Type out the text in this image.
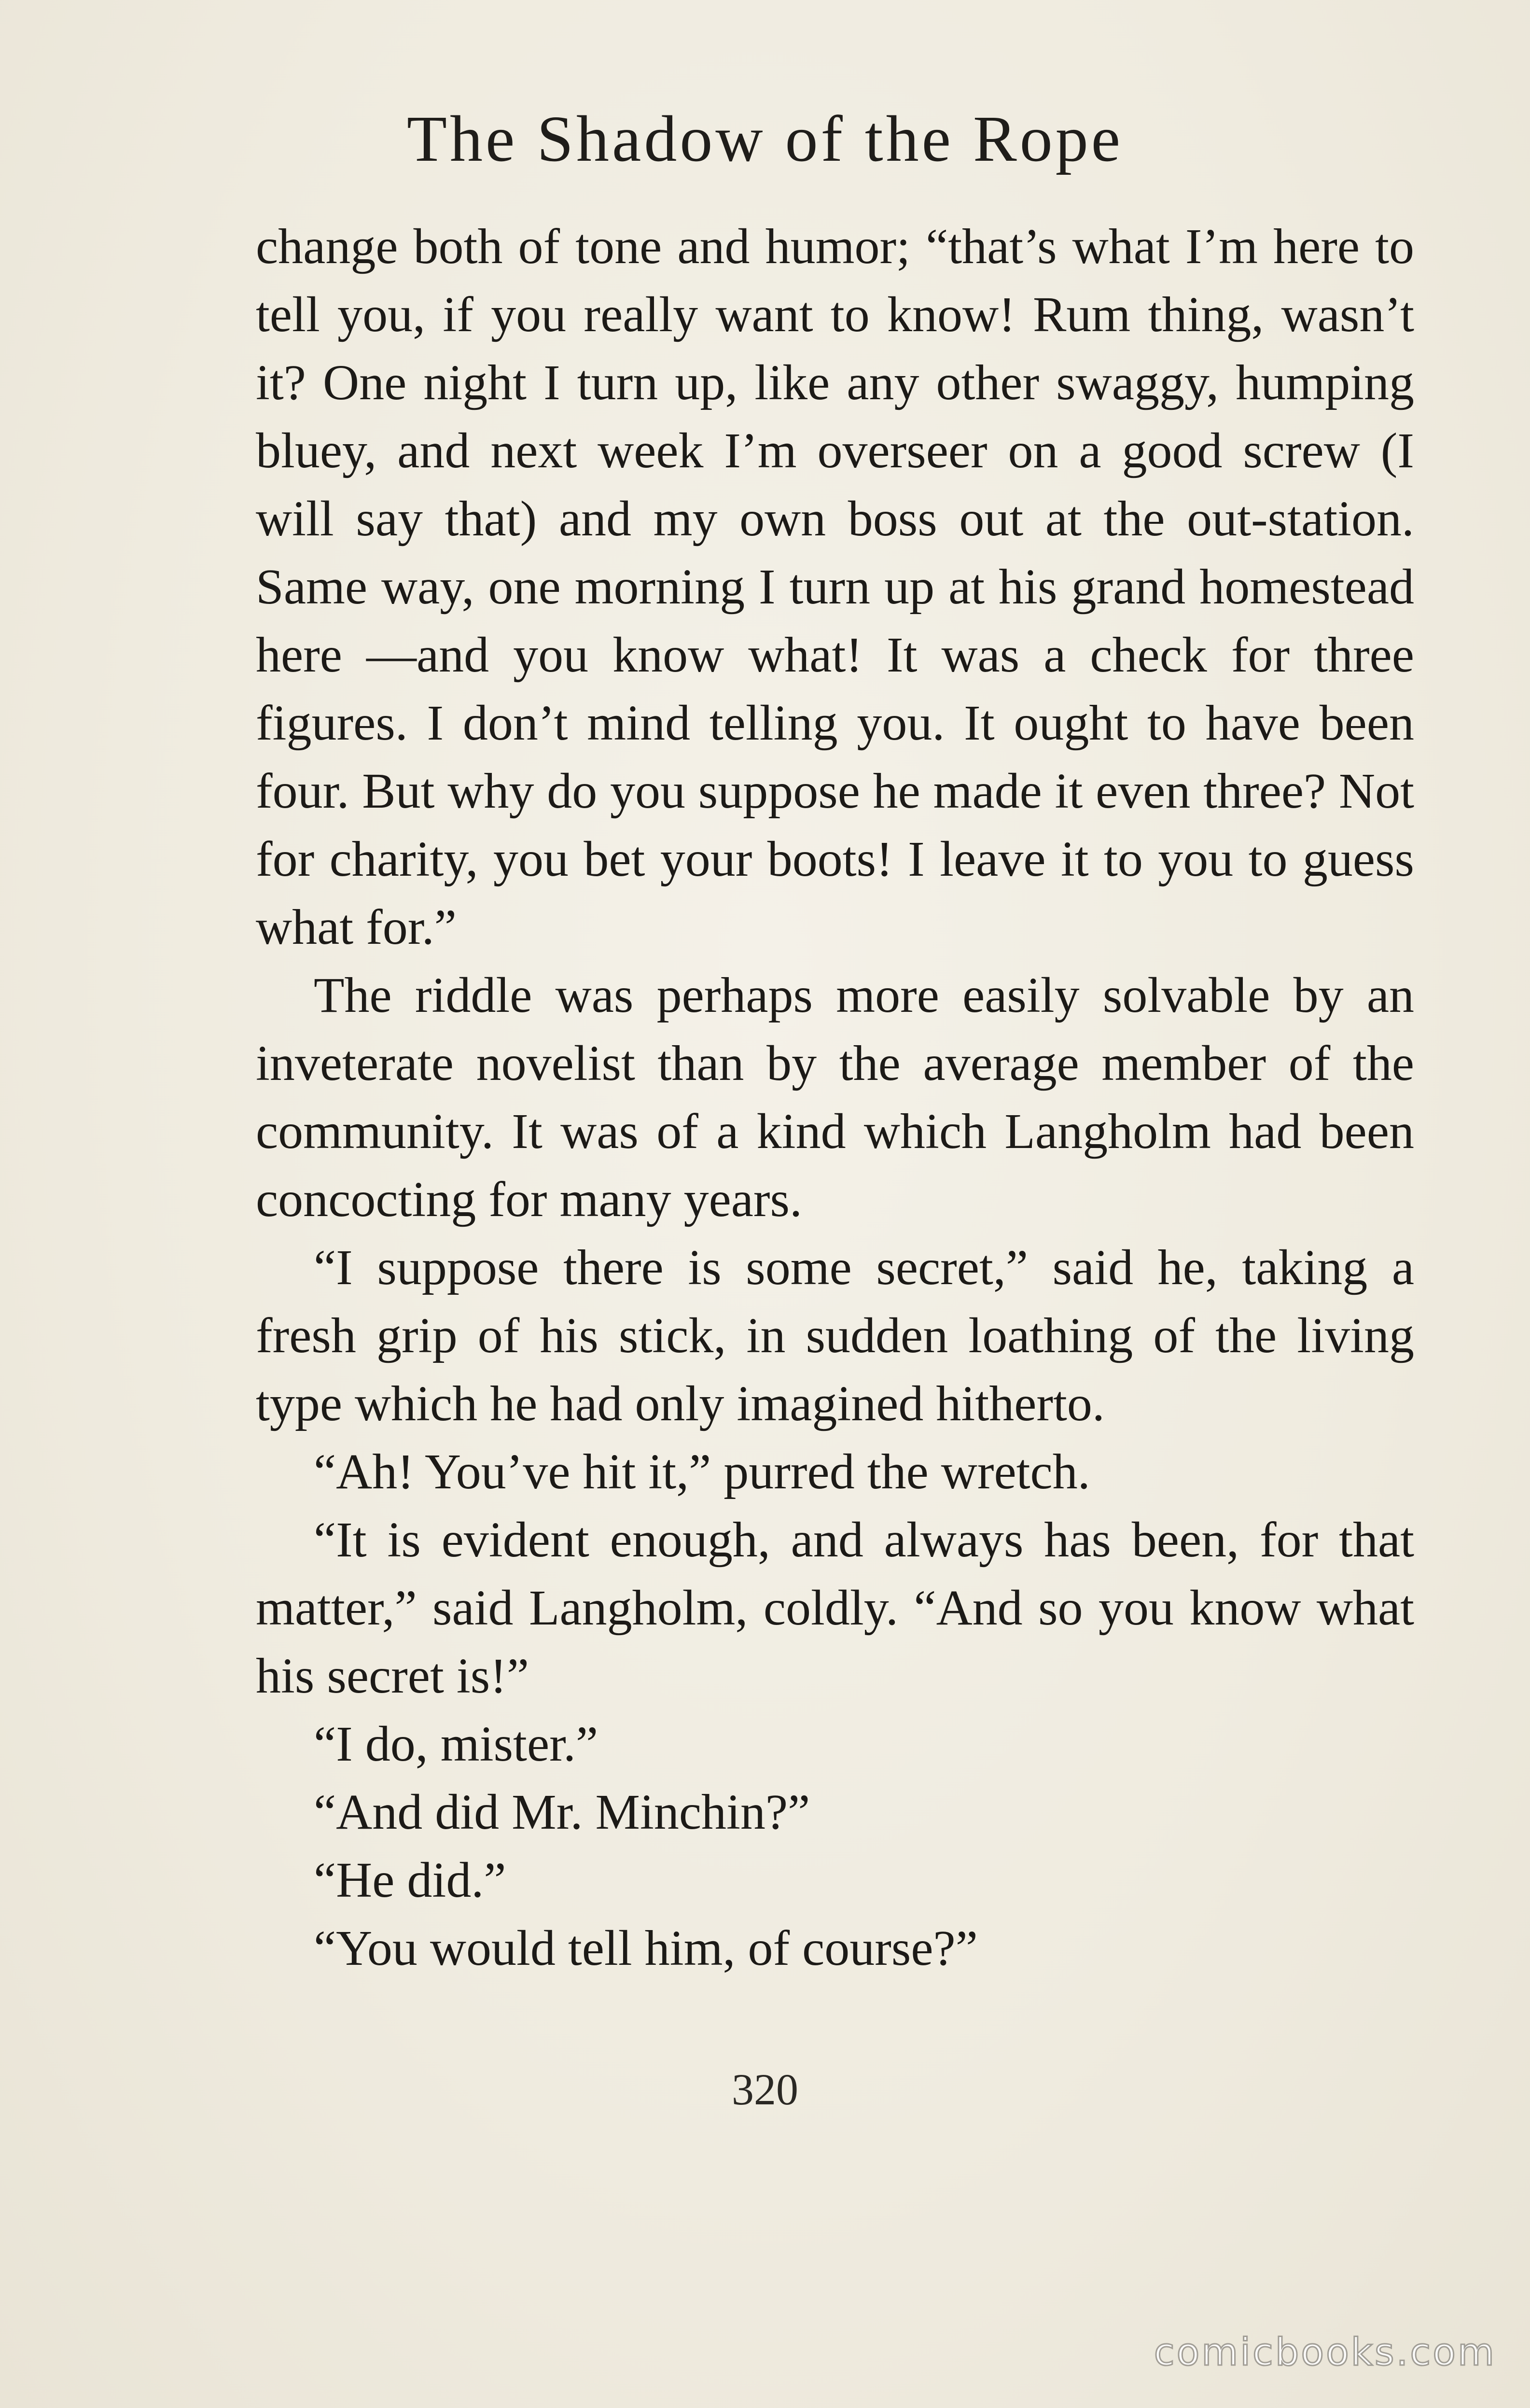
The Shadow of the Rope

change both of tone and humor; “that’s what I’m here to tell you, if you really want to know! Rum thing, wasn’t it? One night I turn up, like any other swaggy, humping bluey, and next week I’m overseer on a good screw (I will say that) and my own boss out at the out-station. Same way, one morning I turn up at his grand homestead here —and you know what! It was a check for three figures. I don’t mind telling you. It ought to have been four. But why do you suppose he made it even three? Not for charity, you bet your boots! I leave it to you to guess what for.”

The riddle was perhaps more easily solvable by an inveterate novelist than by the average member of the community. It was of a kind which Langholm had been concocting for many years.

“I suppose there is some secret,” said he, taking a fresh grip of his stick, in sudden loathing of the living type which he had only imagined hitherto.

“Ah! You’ve hit it,” purred the wretch.

“It is evident enough, and always has been, for that matter,” said Langholm, coldly. “And so you know what his secret is!”

“I do, mister.”

“And did Mr. Minchin?”

“He did.”

“You would tell him, of course?”

320
comicbooks.com
